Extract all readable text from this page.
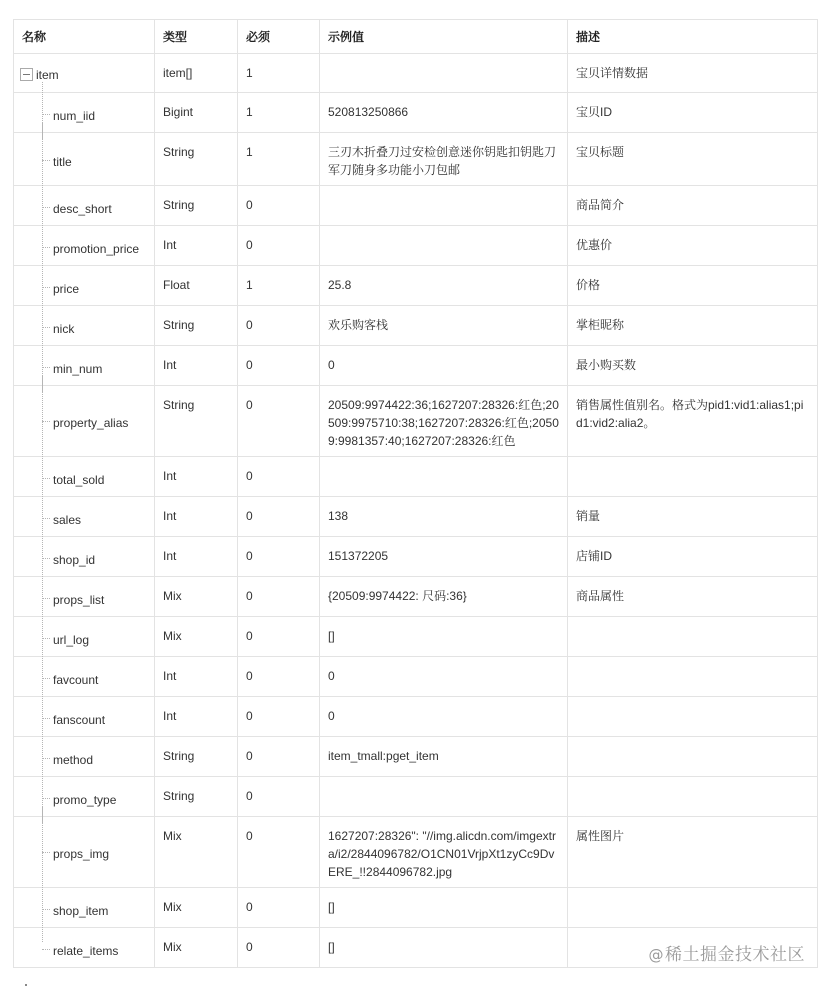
名称	类型	必须	示例值	描述

item	item[]	1		宝贝详情数据

num_iid	Bigint	1	520813250866	宝贝ID

title	String	1	三刃木折叠刀过安检创意迷你钥匙扣钥匙刀军刀随身多功能小刀包邮	宝贝标题

desc_short	String	0		商品简介

promotion_price	Int	0		优惠价

price	Float	1	25.8	价格

nick	String	0	欢乐购客栈	掌柜昵称

min_num	Int	0	0	最小购买数

property_alias	String	0	20509:9974422:36;1627207:28326:红色;20509:9975710:38;1627207:28326:红色;20509:9981357:40;1627207:28326:红色	销售属性值别名。格式为pid1:vid1:alias1;pid1:vid2:alia2。

total_sold	Int	0		

sales	Int	0	138	销量

shop_id	Int	0	151372205	店铺ID

props_list	Mix	0	{20509:9974422: 尺码:36}	商品属性

url_log	Mix	0	[]	

favcount	Int	0	0	

fanscount	Int	0	0	

method	String	0	item_tmall:pget_item	

promo_type	String	0		

props_img	Mix	0	1627207:28326": "//img.alicdn.com/imgextra/i2/2844096782/O1CN01VrjpXt1zyCc9DvERE_!!2844096782.jpg	属性图片

shop_item	Mix	0	[]	

relate_items	Mix	0	[]		@稀土掘金技术社区
